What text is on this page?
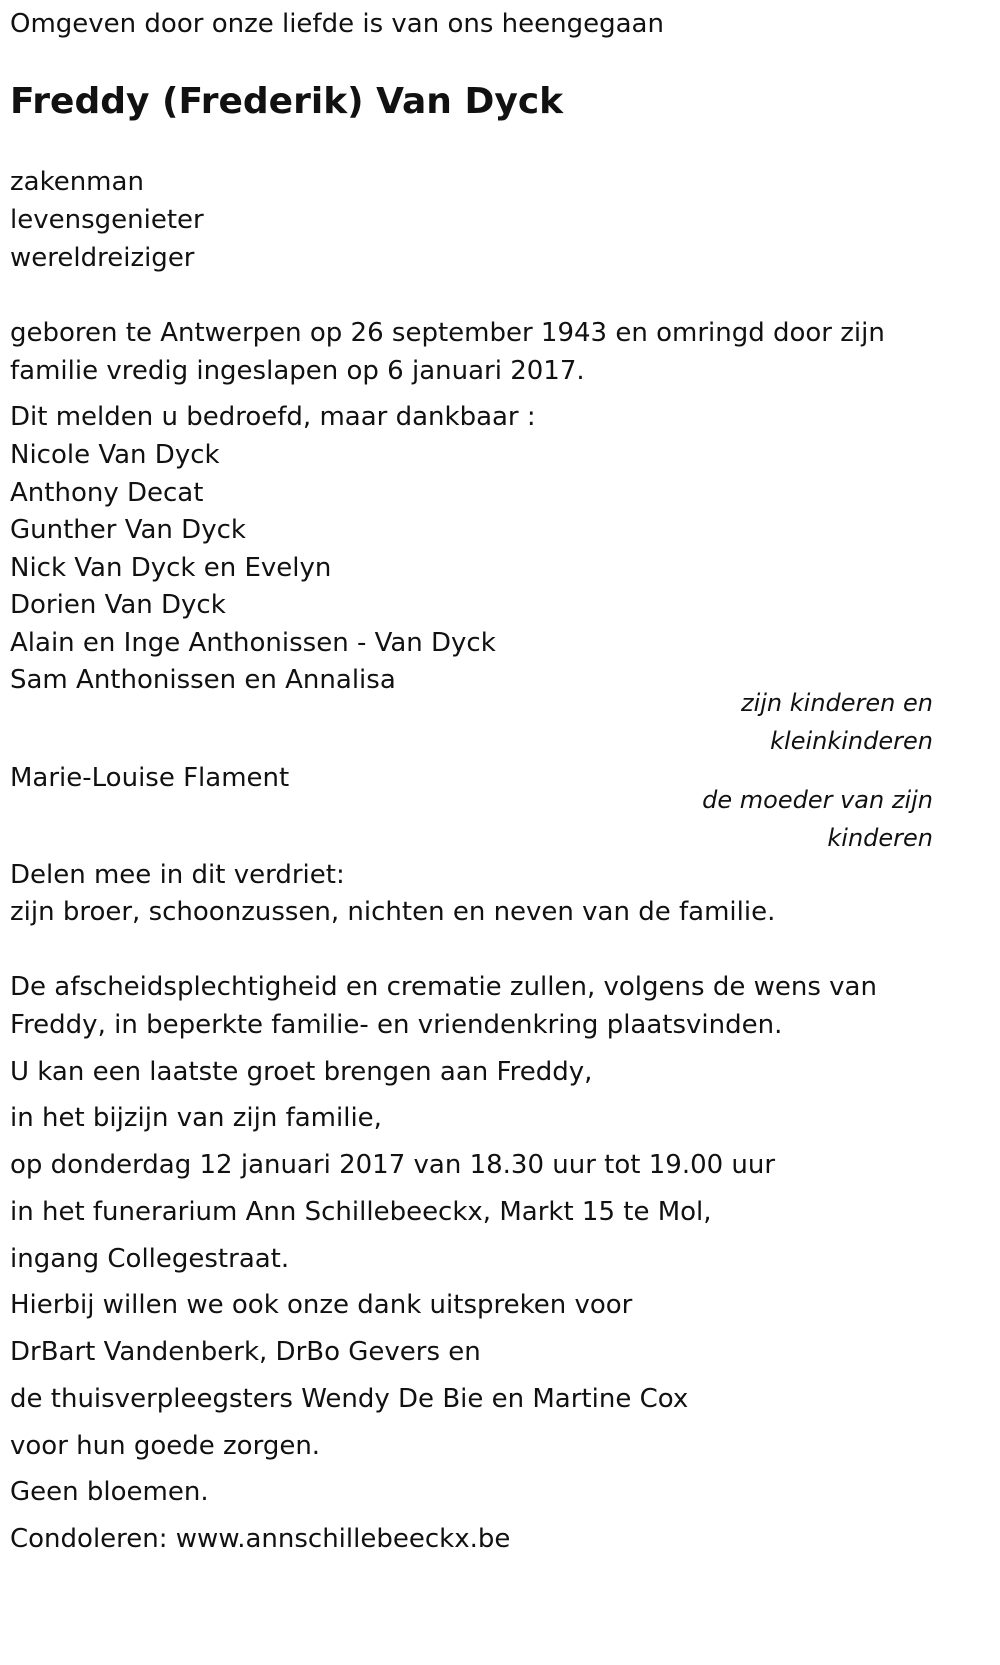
Omgeven door onze liefde is van ons heengegaan
Freddy (Frederik) Van Dyck
zakenman
levensgenieter
wereldreiziger
geboren te Antwerpen op 26 september 1943 en omringd door zijn
familie vredig ingeslapen op 6 januari 2017.
Dit melden u bedroefd, maar dankbaar :
Nicole Van Dyck
Anthony Decat
Gunther Van Dyck
Nick Van Dyck en Evelyn
Dorien Van Dyck
Alain en Inge Anthonissen - Van Dyck
Sam Anthonissen en Annalisa
zijn kinderen en
kleinkinderen
Marie-Louise Flament
de moeder van zijn
kinderen
Delen mee in dit verdriet:
zijn broer, schoonzussen, nichten en neven van de familie.
De afscheidsplechtigheid en crematie zullen, volgens de wens van
Freddy, in beperkte familie- en vriendenkring plaatsvinden.
U kan een laatste groet brengen aan Freddy,
in het bijzijn van zijn familie,
op donderdag 12 januari 2017 van 18.30 uur tot 19.00 uur
in het funerarium Ann Schillebeeckx, Markt 15 te Mol,
ingang Collegestraat.
Hierbij willen we ook onze dank uitspreken voor
DrBart Vandenberk, DrBo Gevers en
de thuisverpleegsters Wendy De Bie en Martine Cox
voor hun goede zorgen.
Geen bloemen.
Condoleren: www.annschillebeeckx.be
